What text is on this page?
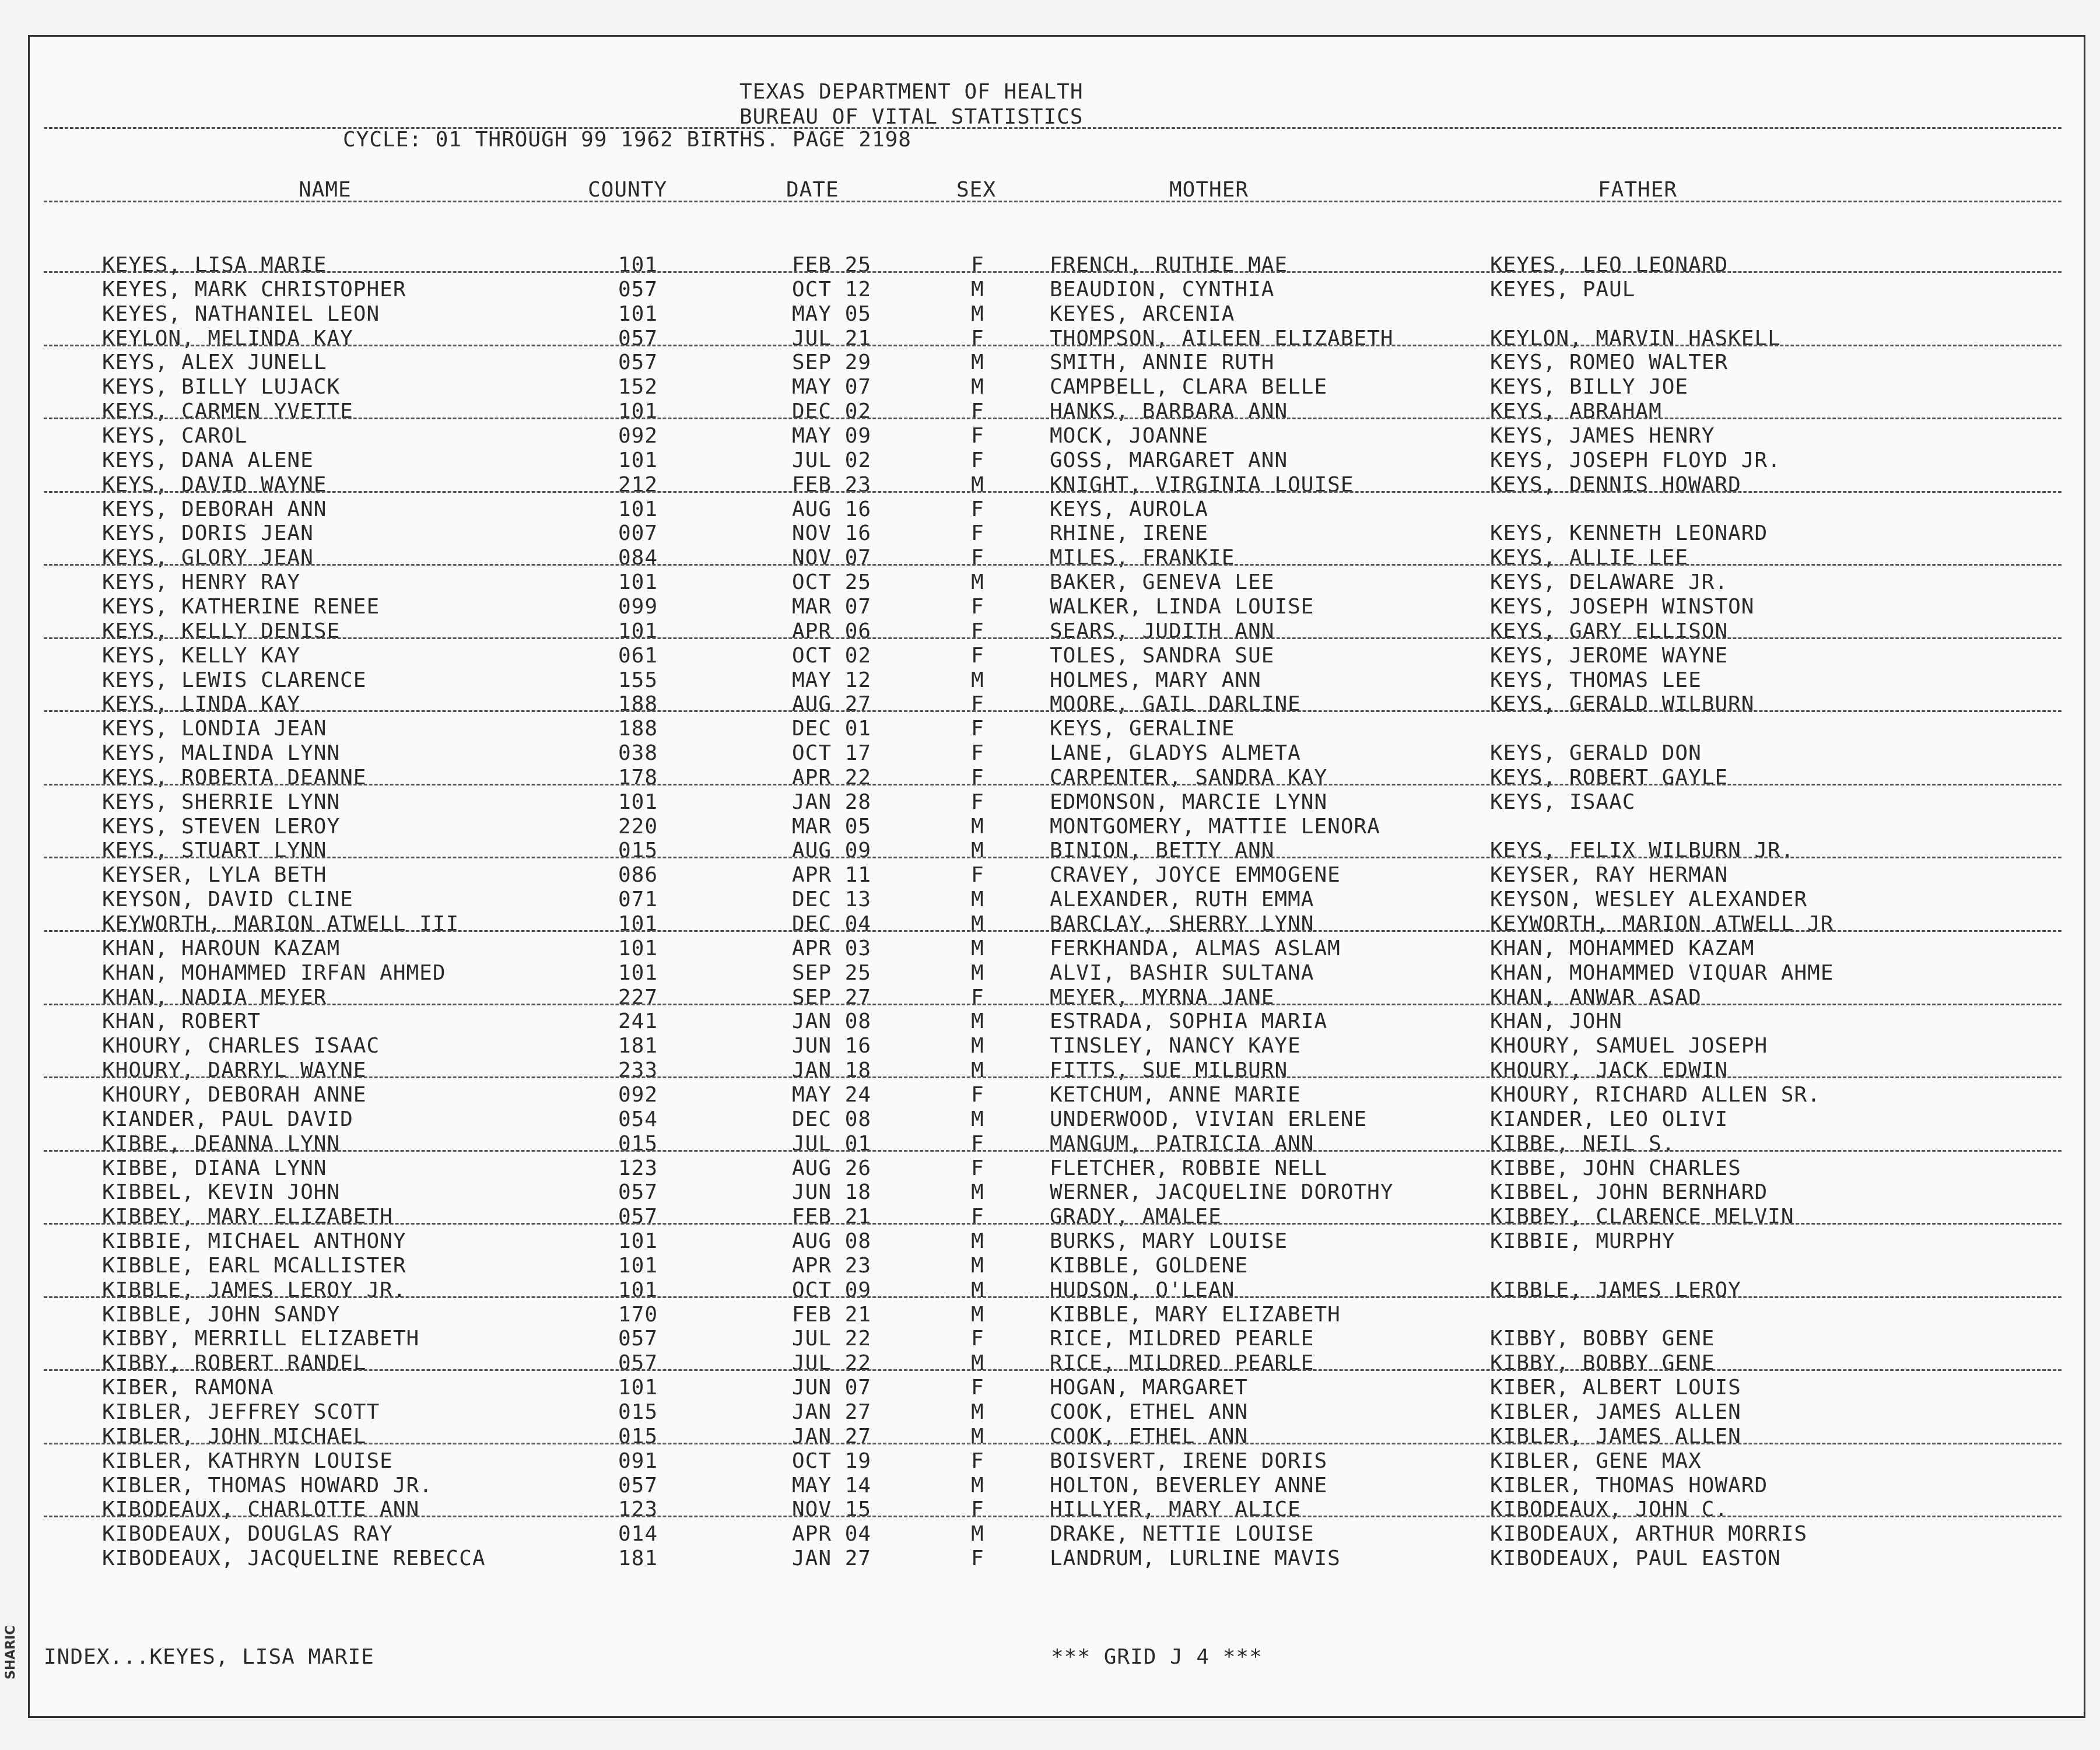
TEXAS DEPARTMENT OF HEALTH
BUREAU OF VITAL STATISTICS
CYCLE: 01 THROUGH 99 1962 BIRTHS. PAGE 2198
NAME	COUNTY	DATE	SEX	MOTHER	FATHER
KEYES, LISA MARIE	101	FEB 25	F	FRENCH, RUTHIE MAE	KEYES, LEO LEONARD
KEYES, MARK CHRISTOPHER	057	OCT 12	M	BEAUDION, CYNTHIA	KEYES, PAUL
KEYES, NATHANIEL LEON	101	MAY 05	M	KEYES, ARCENIA
KEYLON, MELINDA KAY	057	JUL 21	F	THOMPSON, AILEEN ELIZABETH	KEYLON, MARVIN HASKELL
KEYS, ALEX JUNELL	057	SEP 29	M	SMITH, ANNIE RUTH	KEYS, ROMEO WALTER
KEYS, BILLY LUJACK	152	MAY 07	M	CAMPBELL, CLARA BELLE	KEYS, BILLY JOE
KEYS, CARMEN YVETTE	101	DEC 02	F	HANKS, BARBARA ANN	KEYS, ABRAHAM
KEYS, CAROL	092	MAY 09	F	MOCK, JOANNE	KEYS, JAMES HENRY
KEYS, DANA ALENE	101	JUL 02	F	GOSS, MARGARET ANN	KEYS, JOSEPH FLOYD JR.
KEYS, DAVID WAYNE	212	FEB 23	M	KNIGHT, VIRGINIA LOUISE	KEYS, DENNIS HOWARD
KEYS, DEBORAH ANN	101	AUG 16	F	KEYS, AUROLA
KEYS, DORIS JEAN	007	NOV 16	F	RHINE, IRENE	KEYS, KENNETH LEONARD
KEYS, GLORY JEAN	084	NOV 07	F	MILES, FRANKIE	KEYS, ALLIE LEE
KEYS, HENRY RAY	101	OCT 25	M	BAKER, GENEVA LEE	KEYS, DELAWARE JR.
KEYS, KATHERINE RENEE	099	MAR 07	F	WALKER, LINDA LOUISE	KEYS, JOSEPH WINSTON
KEYS, KELLY DENISE	101	APR 06	F	SEARS, JUDITH ANN	KEYS, GARY ELLISON
KEYS, KELLY KAY	061	OCT 02	F	TOLES, SANDRA SUE	KEYS, JEROME WAYNE
KEYS, LEWIS CLARENCE	155	MAY 12	M	HOLMES, MARY ANN	KEYS, THOMAS LEE
KEYS, LINDA KAY	188	AUG 27	F	MOORE, GAIL DARLINE	KEYS, GERALD WILBURN
KEYS, LONDIA JEAN	188	DEC 01	F	KEYS, GERALINE
KEYS, MALINDA LYNN	038	OCT 17	F	LANE, GLADYS ALMETA	KEYS, GERALD DON
KEYS, ROBERTA DEANNE	178	APR 22	F	CARPENTER, SANDRA KAY	KEYS, ROBERT GAYLE
KEYS, SHERRIE LYNN	101	JAN 28	F	EDMONSON, MARCIE LYNN	KEYS, ISAAC
KEYS, STEVEN LEROY	220	MAR 05	M	MONTGOMERY, MATTIE LENORA
KEYS, STUART LYNN	015	AUG 09	M	BINION, BETTY ANN	KEYS, FELIX WILBURN JR.
KEYSER, LYLA BETH	086	APR 11	F	CRAVEY, JOYCE EMMOGENE	KEYSER, RAY HERMAN
KEYSON, DAVID CLINE	071	DEC 13	M	ALEXANDER, RUTH EMMA	KEYSON, WESLEY ALEXANDER
KEYWORTH, MARION ATWELL III	101	DEC 04	M	BARCLAY, SHERRY LYNN	KEYWORTH, MARION ATWELL JR
KHAN, HAROUN KAZAM	101	APR 03	M	FERKHANDA, ALMAS ASLAM	KHAN, MOHAMMED KAZAM
KHAN, MOHAMMED IRFAN AHMED	101	SEP 25	M	ALVI, BASHIR SULTANA	KHAN, MOHAMMED VIQUAR AHME
KHAN, NADIA MEYER	227	SEP 27	F	MEYER, MYRNA JANE	KHAN, ANWAR ASAD
KHAN, ROBERT	241	JAN 08	M	ESTRADA, SOPHIA MARIA	KHAN, JOHN
KHOURY, CHARLES ISAAC	181	JUN 16	M	TINSLEY, NANCY KAYE	KHOURY, SAMUEL JOSEPH
KHOURY, DARRYL WAYNE	233	JAN 18	M	FITTS, SUE MILBURN	KHOURY, JACK EDWIN
KHOURY, DEBORAH ANNE	092	MAY 24	F	KETCHUM, ANNE MARIE	KHOURY, RICHARD ALLEN SR.
KIANDER, PAUL DAVID	054	DEC 08	M	UNDERWOOD, VIVIAN ERLENE	KIANDER, LEO OLIVI
KIBBE, DEANNA LYNN	015	JUL 01	F	MANGUM, PATRICIA ANN	KIBBE, NEIL S.
KIBBE, DIANA LYNN	123	AUG 26	F	FLETCHER, ROBBIE NELL	KIBBE, JOHN CHARLES
KIBBEL, KEVIN JOHN	057	JUN 18	M	WERNER, JACQUELINE DOROTHY	KIBBEL, JOHN BERNHARD
KIBBEY, MARY ELIZABETH	057	FEB 21	F	GRADY, AMALEE	KIBBEY, CLARENCE MELVIN
KIBBIE, MICHAEL ANTHONY	101	AUG 08	M	BURKS, MARY LOUISE	KIBBIE, MURPHY
KIBBLE, EARL MCALLISTER	101	APR 23	M	KIBBLE, GOLDENE
KIBBLE, JAMES LEROY JR.	101	OCT 09	M	HUDSON, O'LEAN	KIBBLE, JAMES LEROY
KIBBLE, JOHN SANDY	170	FEB 21	M	KIBBLE, MARY ELIZABETH
KIBBY, MERRILL ELIZABETH	057	JUL 22	F	RICE, MILDRED PEARLE	KIBBY, BOBBY GENE
KIBBY, ROBERT RANDEL	057	JUL 22	M	RICE, MILDRED PEARLE	KIBBY, BOBBY GENE
KIBER, RAMONA	101	JUN 07	F	HOGAN, MARGARET	KIBER, ALBERT LOUIS
KIBLER, JEFFREY SCOTT	015	JAN 27	M	COOK, ETHEL ANN	KIBLER, JAMES ALLEN
KIBLER, JOHN MICHAEL	015	JAN 27	M	COOK, ETHEL ANN	KIBLER, JAMES ALLEN
KIBLER, KATHRYN LOUISE	091	OCT 19	F	BOISVERT, IRENE DORIS	KIBLER, GENE MAX
KIBLER, THOMAS HOWARD JR.	057	MAY 14	M	HOLTON, BEVERLEY ANNE	KIBLER, THOMAS HOWARD
KIBODEAUX, CHARLOTTE ANN	123	NOV 15	F	HILLYER, MARY ALICE	KIBODEAUX, JOHN C.
KIBODEAUX, DOUGLAS RAY	014	APR 04	M	DRAKE, NETTIE LOUISE	KIBODEAUX, ARTHUR MORRIS
KIBODEAUX, JACQUELINE REBECCA	181	JAN 27	F	LANDRUM, LURLINE MAVIS	KIBODEAUX, PAUL EASTON
INDEX...KEYES, LISA MARIE	*** GRID J 4 ***
SHARIC
